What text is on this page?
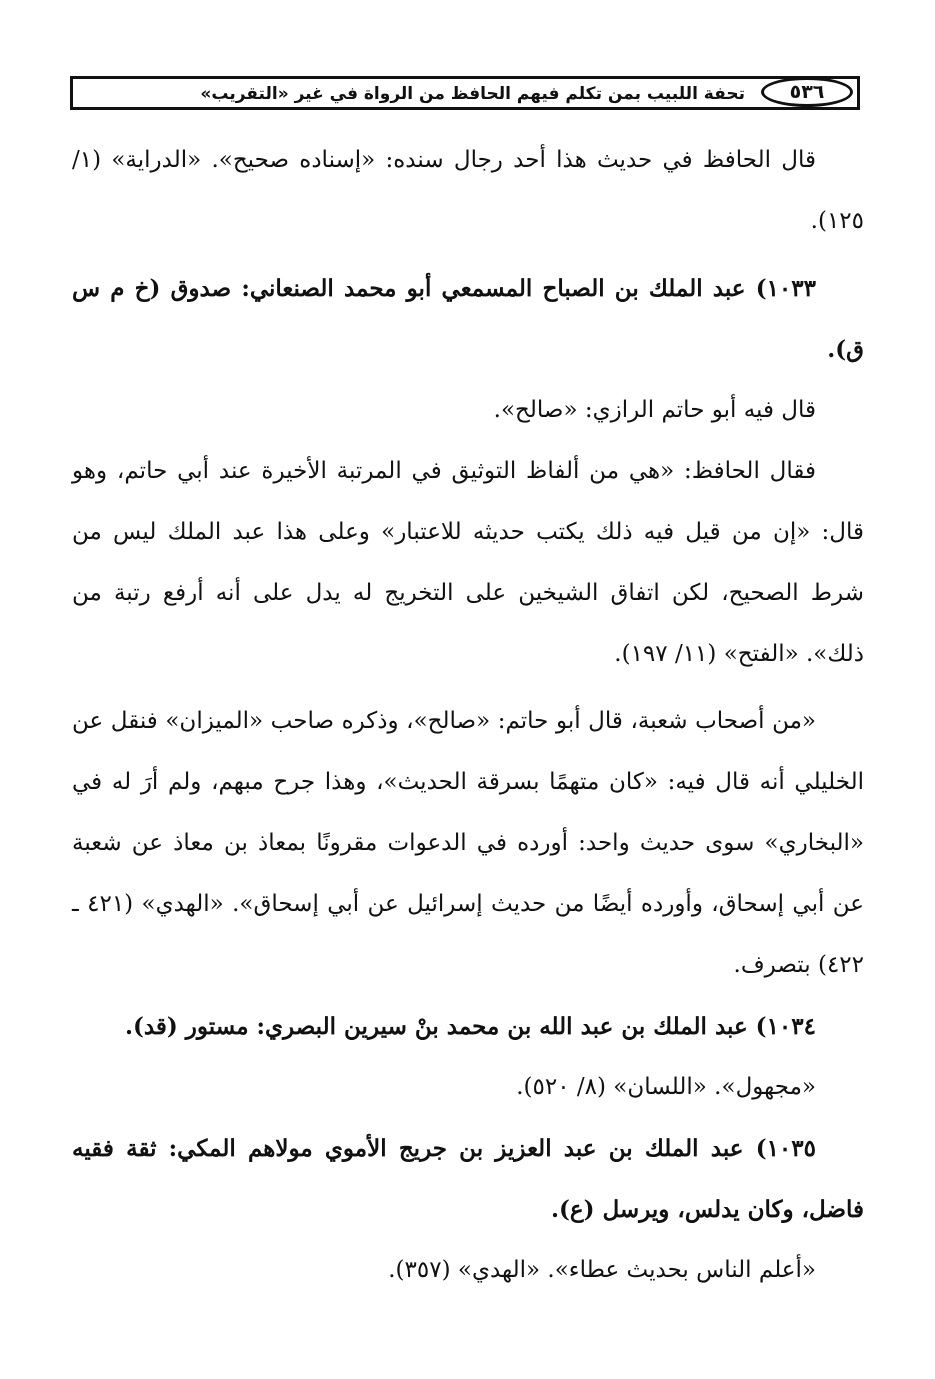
٥٣٦
تحفة اللبيب بمن تكلم فيهم الحافظ من الرواة في غير «التقريب»

قال الحافظ في حديث هذا أحد رجال سنده: «إسناده صحيح». «الدراية» (١/ ١٢٥).

١٠٣٣) عبد الملك بن الصباح المسمعي أبو محمد الصنعاني: صدوق (خ م س ق).

قال فيه أبو حاتم الرازي: «صالح».

فقال الحافظ: «هي من ألفاظ التوثيق في المرتبة الأخيرة عند أبي حاتم، وهو قال: «إن من قيل فيه ذلك يكتب حديثه للاعتبار» وعلى هذا عبد الملك ليس من شرط الصحيح، لكن اتفاق الشيخين على التخريج له يدل على أنه أرفع رتبة من ذلك». «الفتح» (١١/ ١٩٧).

«من أصحاب شعبة، قال أبو حاتم: «صالح»، وذكره صاحب «الميزان» فنقل عن الخليلي أنه قال فيه: «كان متهمًا بسرقة الحديث»، وهذا جرح مبهم، ولم أرَ له في «البخاري» سوى حديث واحد: أورده في الدعوات مقرونًا بمعاذ بن معاذ عن شعبة عن أبي إسحاق، وأورده أيضًا من حديث إسرائيل عن أبي إسحاق». «الهدي» (٤٢١ ـ ٤٢٢) بتصرف.

١٠٣٤) عبد الملك بن عبد الله بن محمد بنْ سيرين البصري: مستور (قد).

«مجهول». «اللسان» (٨/ ٥٢٠).

١٠٣٥) عبد الملك بن عبد العزيز بن جريج الأموي مولاهم المكي: ثقة فقيه فاضل، وكان يدلس، ويرسل (ع).

«أعلم الناس بحديث عطاء». «الهدي» (٣٥٧).
